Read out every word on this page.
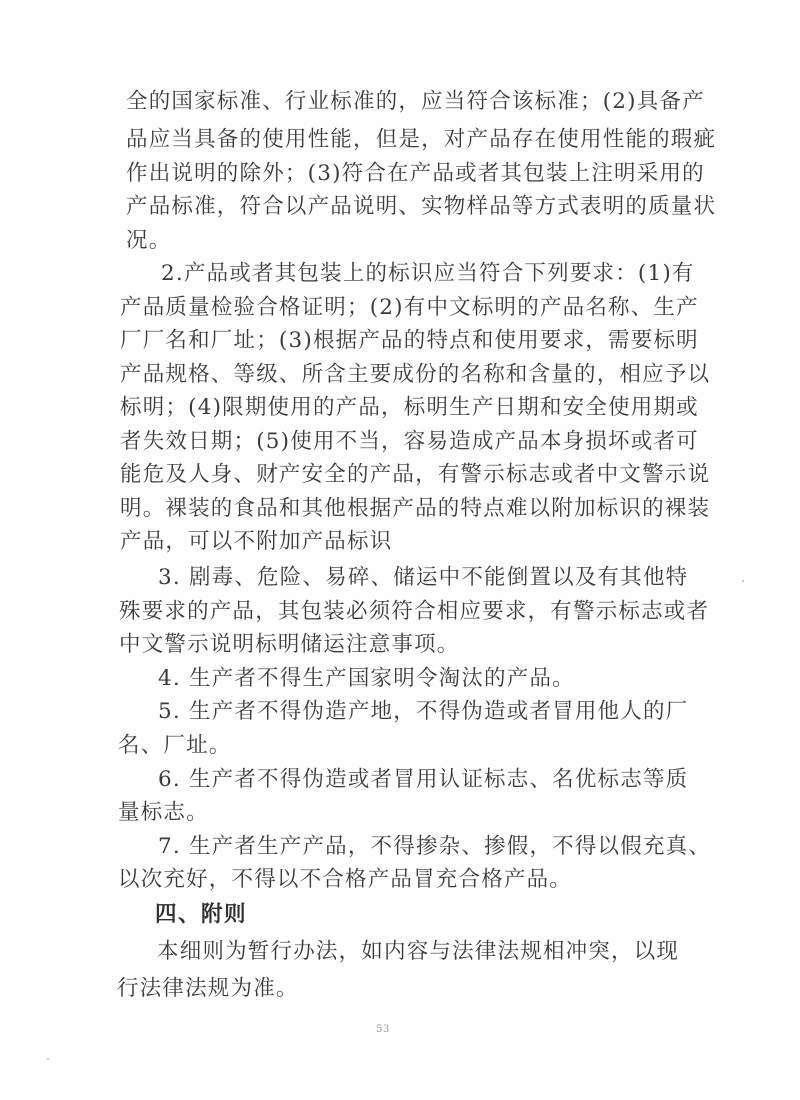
全的国家标准、行业标准的，应当符合该标准；(2)具备产
品应当具备的使用性能，但是，对产品存在使用性能的瑕疵
作出说明的除外；(3)符合在产品或者其包装上注明采用的
产品标准，符合以产品说明、实物样品等方式表明的质量状
况。
2.产品或者其包装上的标识应当符合下列要求：(1)有
产品质量检验合格证明；(2)有中文标明的产品名称、生产
厂厂名和厂址；(3)根据产品的特点和使用要求，需要标明
产品规格、等级、所含主要成份的名称和含量的，相应予以
标明；(4)限期使用的产品，标明生产日期和安全使用期或
者失效日期；(5)使用不当，容易造成产品本身损坏或者可
能危及人身、财产安全的产品，有警示标志或者中文警示说
明。裸装的食品和其他根据产品的特点难以附加标识的裸装
产品，可以不附加产品标识
3. 剧毒、危险、易碎、储运中不能倒置以及有其他特
殊要求的产品，其包装必须符合相应要求，有警示标志或者
中文警示说明标明储运注意事项。
4. 生产者不得生产国家明令淘汰的产品。
5. 生产者不得伪造产地，不得伪造或者冒用他人的厂
名、厂址。
6. 生产者不得伪造或者冒用认证标志、名优标志等质
量标志。
7. 生产者生产产品，不得掺杂、掺假，不得以假充真、
以次充好，不得以不合格产品冒充合格产品。
四、附则
本细则为暂行办法，如内容与法律法规相冲突，以现
行法律法规为准。
53
